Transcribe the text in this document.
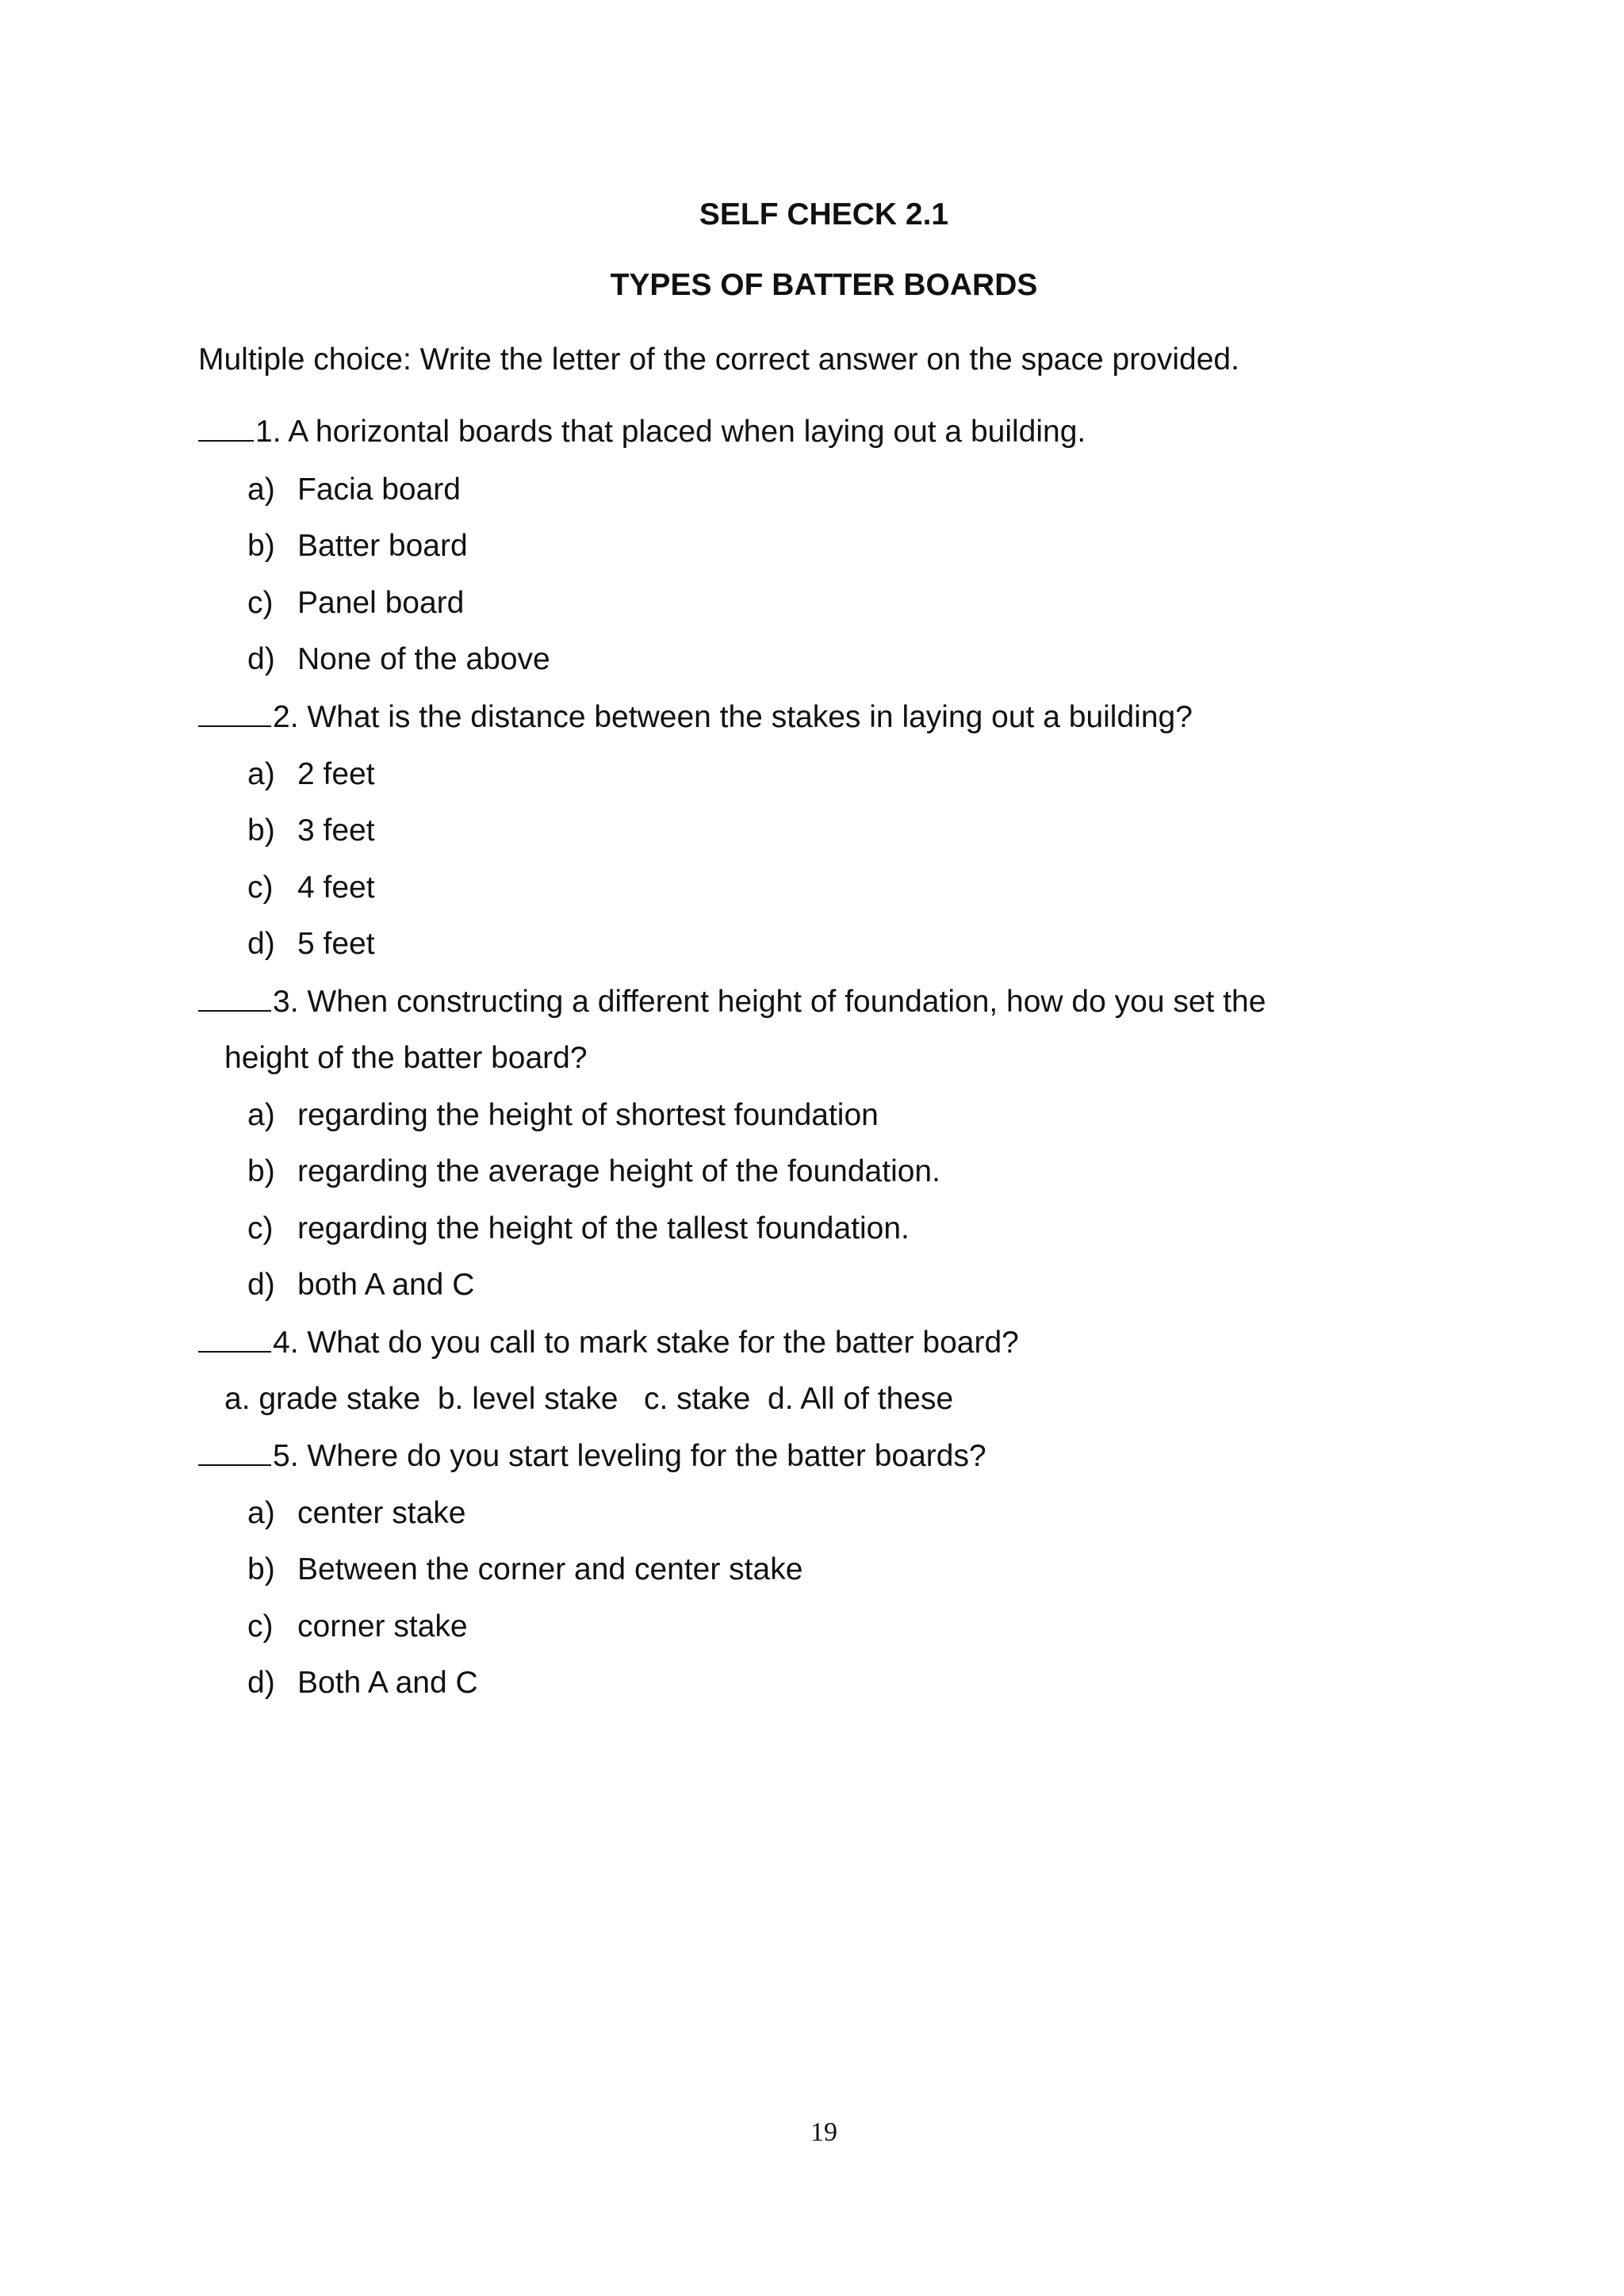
SELF CHECK 2.1
TYPES OF BATTER BOARDS
Multiple choice: Write the letter of the correct answer on the space provided.
1. A horizontal boards that placed when laying out a building.
a) Facia board
b) Batter board
c) Panel board
d) None of the above
2. What is the distance between the stakes in laying out a building?
a) 2 feet
b) 3 feet
c) 4 feet
d) 5 feet
3. When constructing a different height of foundation, how do you set the
height of the batter board?
a) regarding the height of shortest foundation
b) regarding the average height of the foundation.
c) regarding the height of the tallest foundation.
d) both A and C
4. What do you call to mark stake for the batter board?
a. grade stake  b. level stake   c. stake  d. All of these
5. Where do you start leveling for the batter boards?
a) center stake
b) Between the corner and center stake
c) corner stake
d) Both A and C
19
